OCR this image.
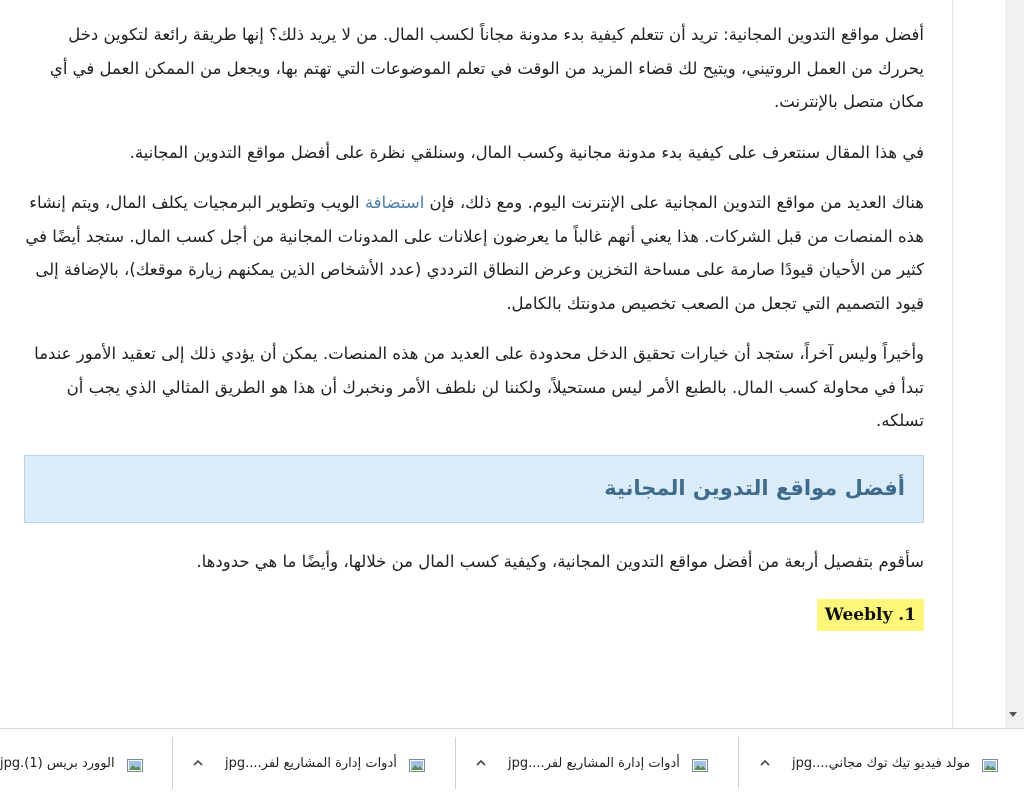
أفضل مواقع التدوين المجانية: تريد أن تتعلم كيفية بدء مدونة مجاناً لكسب المال. من لا يريد ذلك؟ إنها طريقة رائعة لتكوين دخل يحررك من العمل الروتيني، ويتيح لك قضاء المزيد من الوقت في تعلم الموضوعات التي تهتم بها، ويجعل من الممكن العمل في أي مكان متصل بالإنترنت.

في هذا المقال سنتعرف على كيفية بدء مدونة مجانية وكسب المال، وسنلقي نظرة على أفضل مواقع التدوين المجانية.

هناك العديد من مواقع التدوين المجانية على الإنترنت اليوم. ومع ذلك، فإن استضافة الويب وتطوير البرمجيات يكلف المال، ويتم إنشاء هذه المنصات من قبل الشركات. هذا يعني أنهم غالباً ما يعرضون إعلانات على المدونات المجانية من أجل كسب المال. ستجد أيضًا في كثير من الأحيان قيودًا صارمة على مساحة التخزين وعرض النطاق الترددي (عدد الأشخاص الذين يمكنهم زيارة موقعك)، بالإضافة إلى قيود التصميم التي تجعل من الصعب تخصيص مدونتك بالكامل.

وأخيراً وليس آخراً، ستجد أن خيارات تحقيق الدخل محدودة على العديد من هذه المنصات. يمكن أن يؤدي ذلك إلى تعقيد الأمور عندما تبدأ في محاولة كسب المال. بالطبع الأمر ليس مستحيلاً، ولكننا لن نلطف الأمر ونخبرك أن هذا هو الطريق المثالي الذي يجب أن تسلكه.

أفضل مواقع التدوين المجانية

سأقوم بتفصيل أربعة من أفضل مواقع التدوين المجانية، وكيفية كسب المال من خلالها، وأيضًا ما هي حدودها.

Weebly .1
مولد فيديو تيك توك مجاني....jpg
أدوات إدارة المشاريع لفر....jpg
أدوات إدارة المشاريع لفر....jpg
الوورد بريس (1).jpg
